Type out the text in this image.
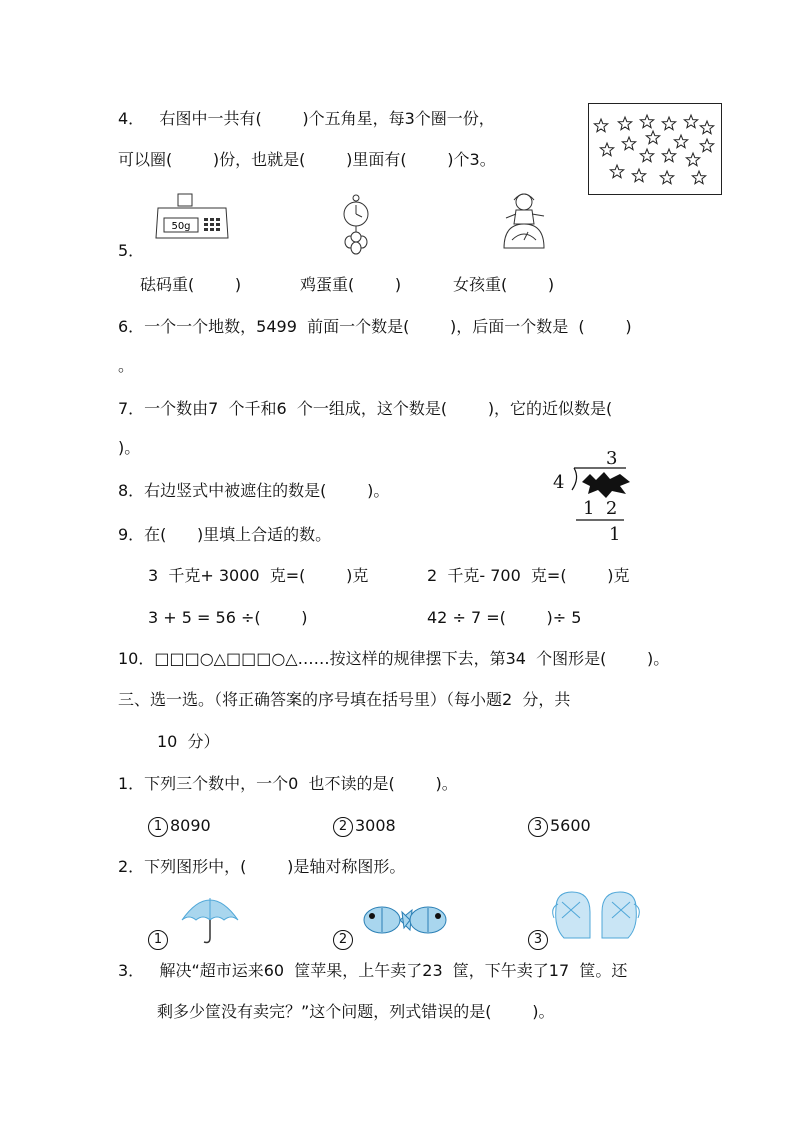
4．   右图中一共有(        )个五角星，每3个圈一份，
可以圈(        )份，也就是(        )里面有(        )个3。
5．
50g
砝码重(        )	鸡蛋重(        )	女孩重(        )
6．一个一个地数，5499  前面一个数是(        )，后面一个数是  (        )
。
7．一个数由7  个千和6  个一组成，这个数是(        )，它的近似数是(
)。
8．右边竖式中被遮住的数是(        )。
3
4
1  2
1
9．在(      )里填上合适的数。
3  千克+ 3000  克=(        )克	2  千克- 700  克=(        )克
3 + 5 = 56 ÷(        )	42 ÷ 7 =(        )÷ 5
10．□□□○△□□□○△……按这样的规律摆下去，第34  个图形是(        )。
三、选一选。（将正确答案的序号填在括号里）（每小题2  分，共
10  分）
1．下列三个数中，一个0  也不读的是(        )。
1 8090	2 3008	3 5600
2．下列图形中，(        )是轴对称图形。
1	2	3
3．   解决“超市运来60  筐苹果，上午卖了23  筐，下午卖了17  筐。还
剩多少筐没有卖完？”这个问题，列式错误的是(        )。
